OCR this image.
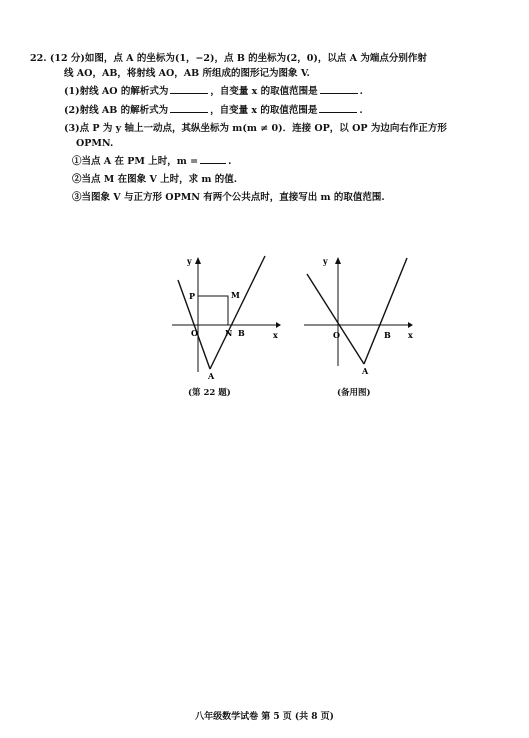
22. (12 分)如图，点 A 的坐标为(1，−2)，点 B 的坐标为(2，0)，以点 A 为端点分别作射
线 AO，AB，将射线 AO，AB 所组成的图形记为图象 V.
(1)射线 AO 的解析式为	，自变量 x 的取值范围是	.
(2)射线 AB 的解析式为	，自变量 x 的取值范围是	.
(3)点 P 为 y 轴上一动点，其纵坐标为 m(m ≠ 0)．连接 OP，以 OP 为边向右作正方形
OPMN.
①当点 A 在 PM 上时，m =	.
②当点 M 在图象 V 上时，求 m 的值.
③当图象 V 与正方形 OPMN 有两个公共点时，直接写出 m 的取值范围.
y
x
P	M
O	N B
A
y
x
O	B
A
(第 22 题)	(备用图)
八年级数学试卷 第 5 页 (共 8 页)
